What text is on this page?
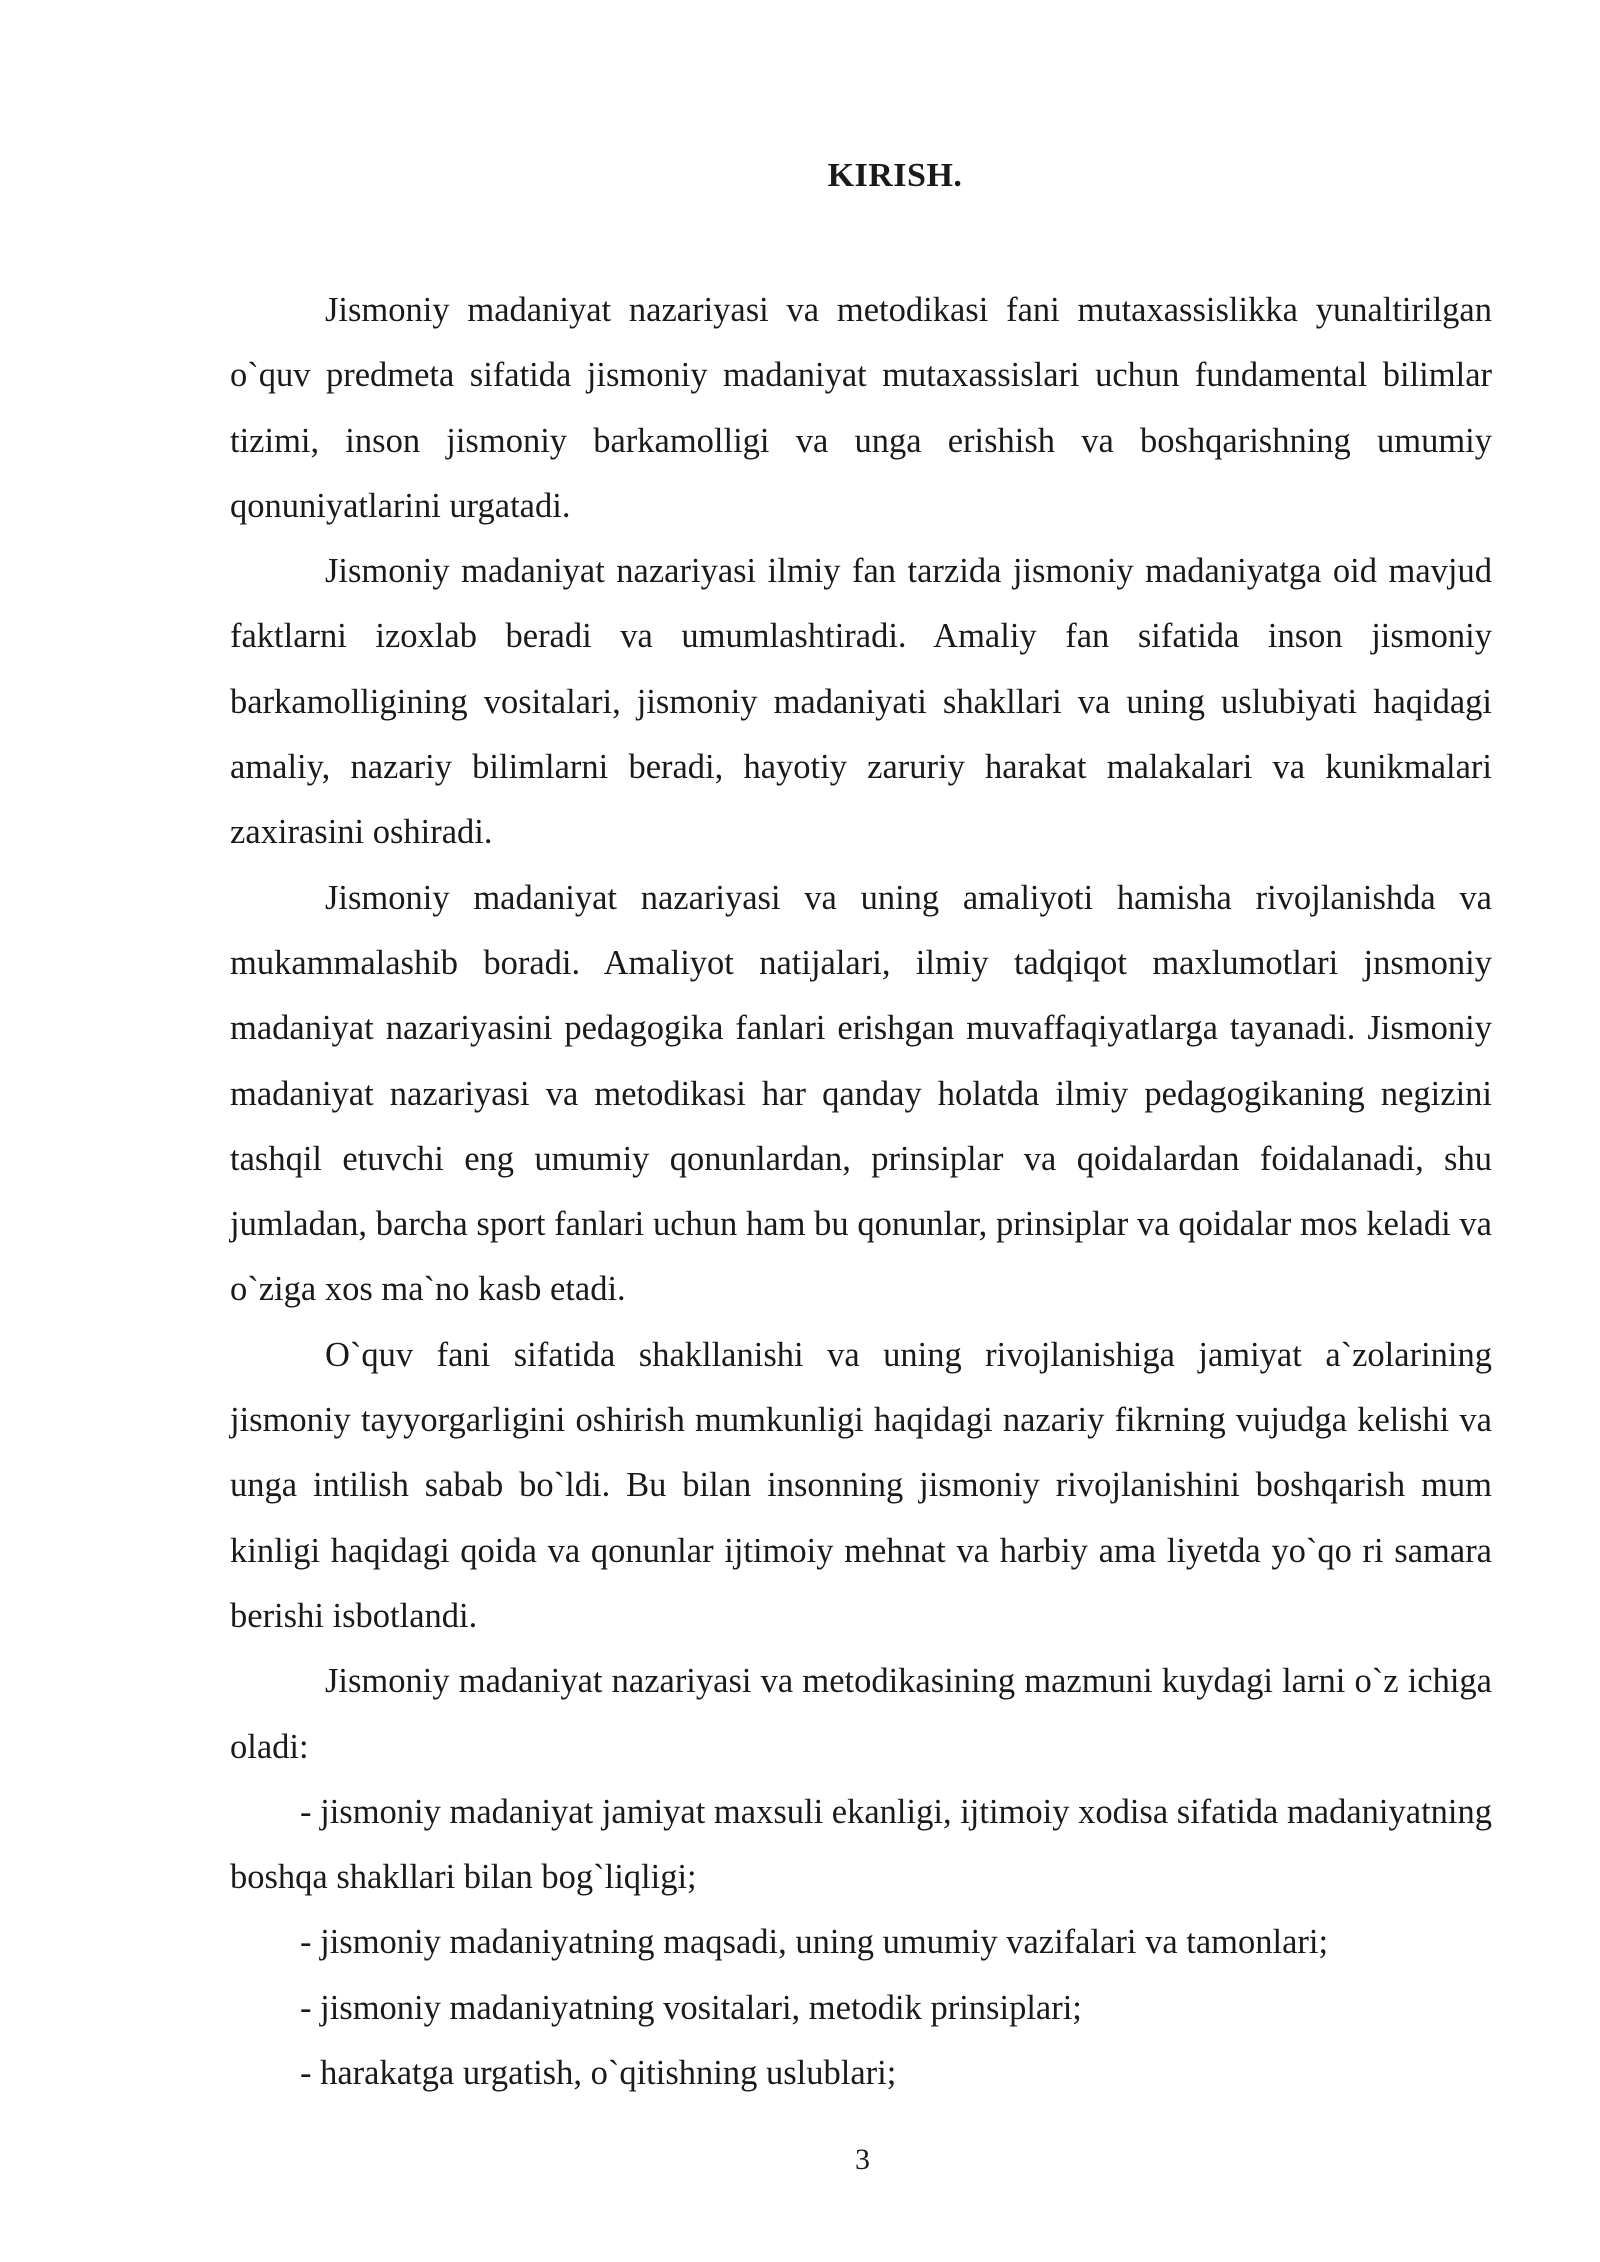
KIRISH.

Jismoniy madaniyat nazariyasi va metodikasi fani mutaxassislikka yunaltirilgan o`quv predmeta sifatida jismoniy madaniyat mutaxassislari uchun fundamental bilimlar tizimi, inson jismoniy barkamolligi va unga erishish va boshqarishning umumiy qonuniyatlarini urgatadi.

Jismoniy madaniyat nazariyasi ilmiy fan tarzida jismoniy madaniyatga oid mavjud faktlarni izoxlab beradi va umumlashtiradi. Amaliy fan sifatida inson jismoniy barkamolligining vositalari, jismoniy madaniyati shakllari va uning uslubiyati haqidagi amaliy, nazariy bilimlarni beradi, hayotiy zaruriy harakat malakalari va kunikmalari zaxirasini oshiradi.

Jismoniy madaniyat nazariyasi va uning amaliyoti hamisha rivojlanishda va mukammalashib boradi. Amaliyot natijalari, ilmiy tadqiqot maxlumotlari jnsmoniy madaniyat nazariyasini pedagogika fanlari erishgan muvaffaqiyatlarga tayanadi. Jismoniy madaniyat nazariyasi va metodikasi har qanday holatda ilmiy pedagogikaning negizini tashqil etuvchi eng umumiy qonunlardan, prinsiplar va qoidalardan foidalanadi, shu jumladan, barcha sport fanlari uchun ham bu qonunlar, prinsiplar va qoidalar mos keladi va o`ziga xos ma`no kasb etadi.

O`quv fani sifatida shakllanishi va uning rivojlanishiga jamiyat a`zolarining jismoniy tayyorgarligini oshirish mumkunligi haqidagi nazariy fikrning vujudga kelishi va unga intilish sabab bo`ldi. Bu bilan insonning jismoniy rivojlanishini boshqarish mum kinligi haqidagi qoida va qonunlar ijtimoiy mehnat va harbiy ama liyetda yo`qo ri samara berishi isbotlandi.

Jismoniy madaniyat nazariyasi va metodikasining mazmuni kuydagi larni o`z ichiga oladi:

- jismoniy madaniyat jamiyat maxsuli ekanligi, ijtimoiy xodisa sifatida madaniyatning boshqa shakllari bilan bog`liqligi;

- jismoniy madaniyatning maqsadi, uning umumiy vazifalari va tamonlari;

- jismoniy madaniyatning vositalari, metodik prinsiplari;

- harakatga urgatish, o`qitishning uslublari;

3
